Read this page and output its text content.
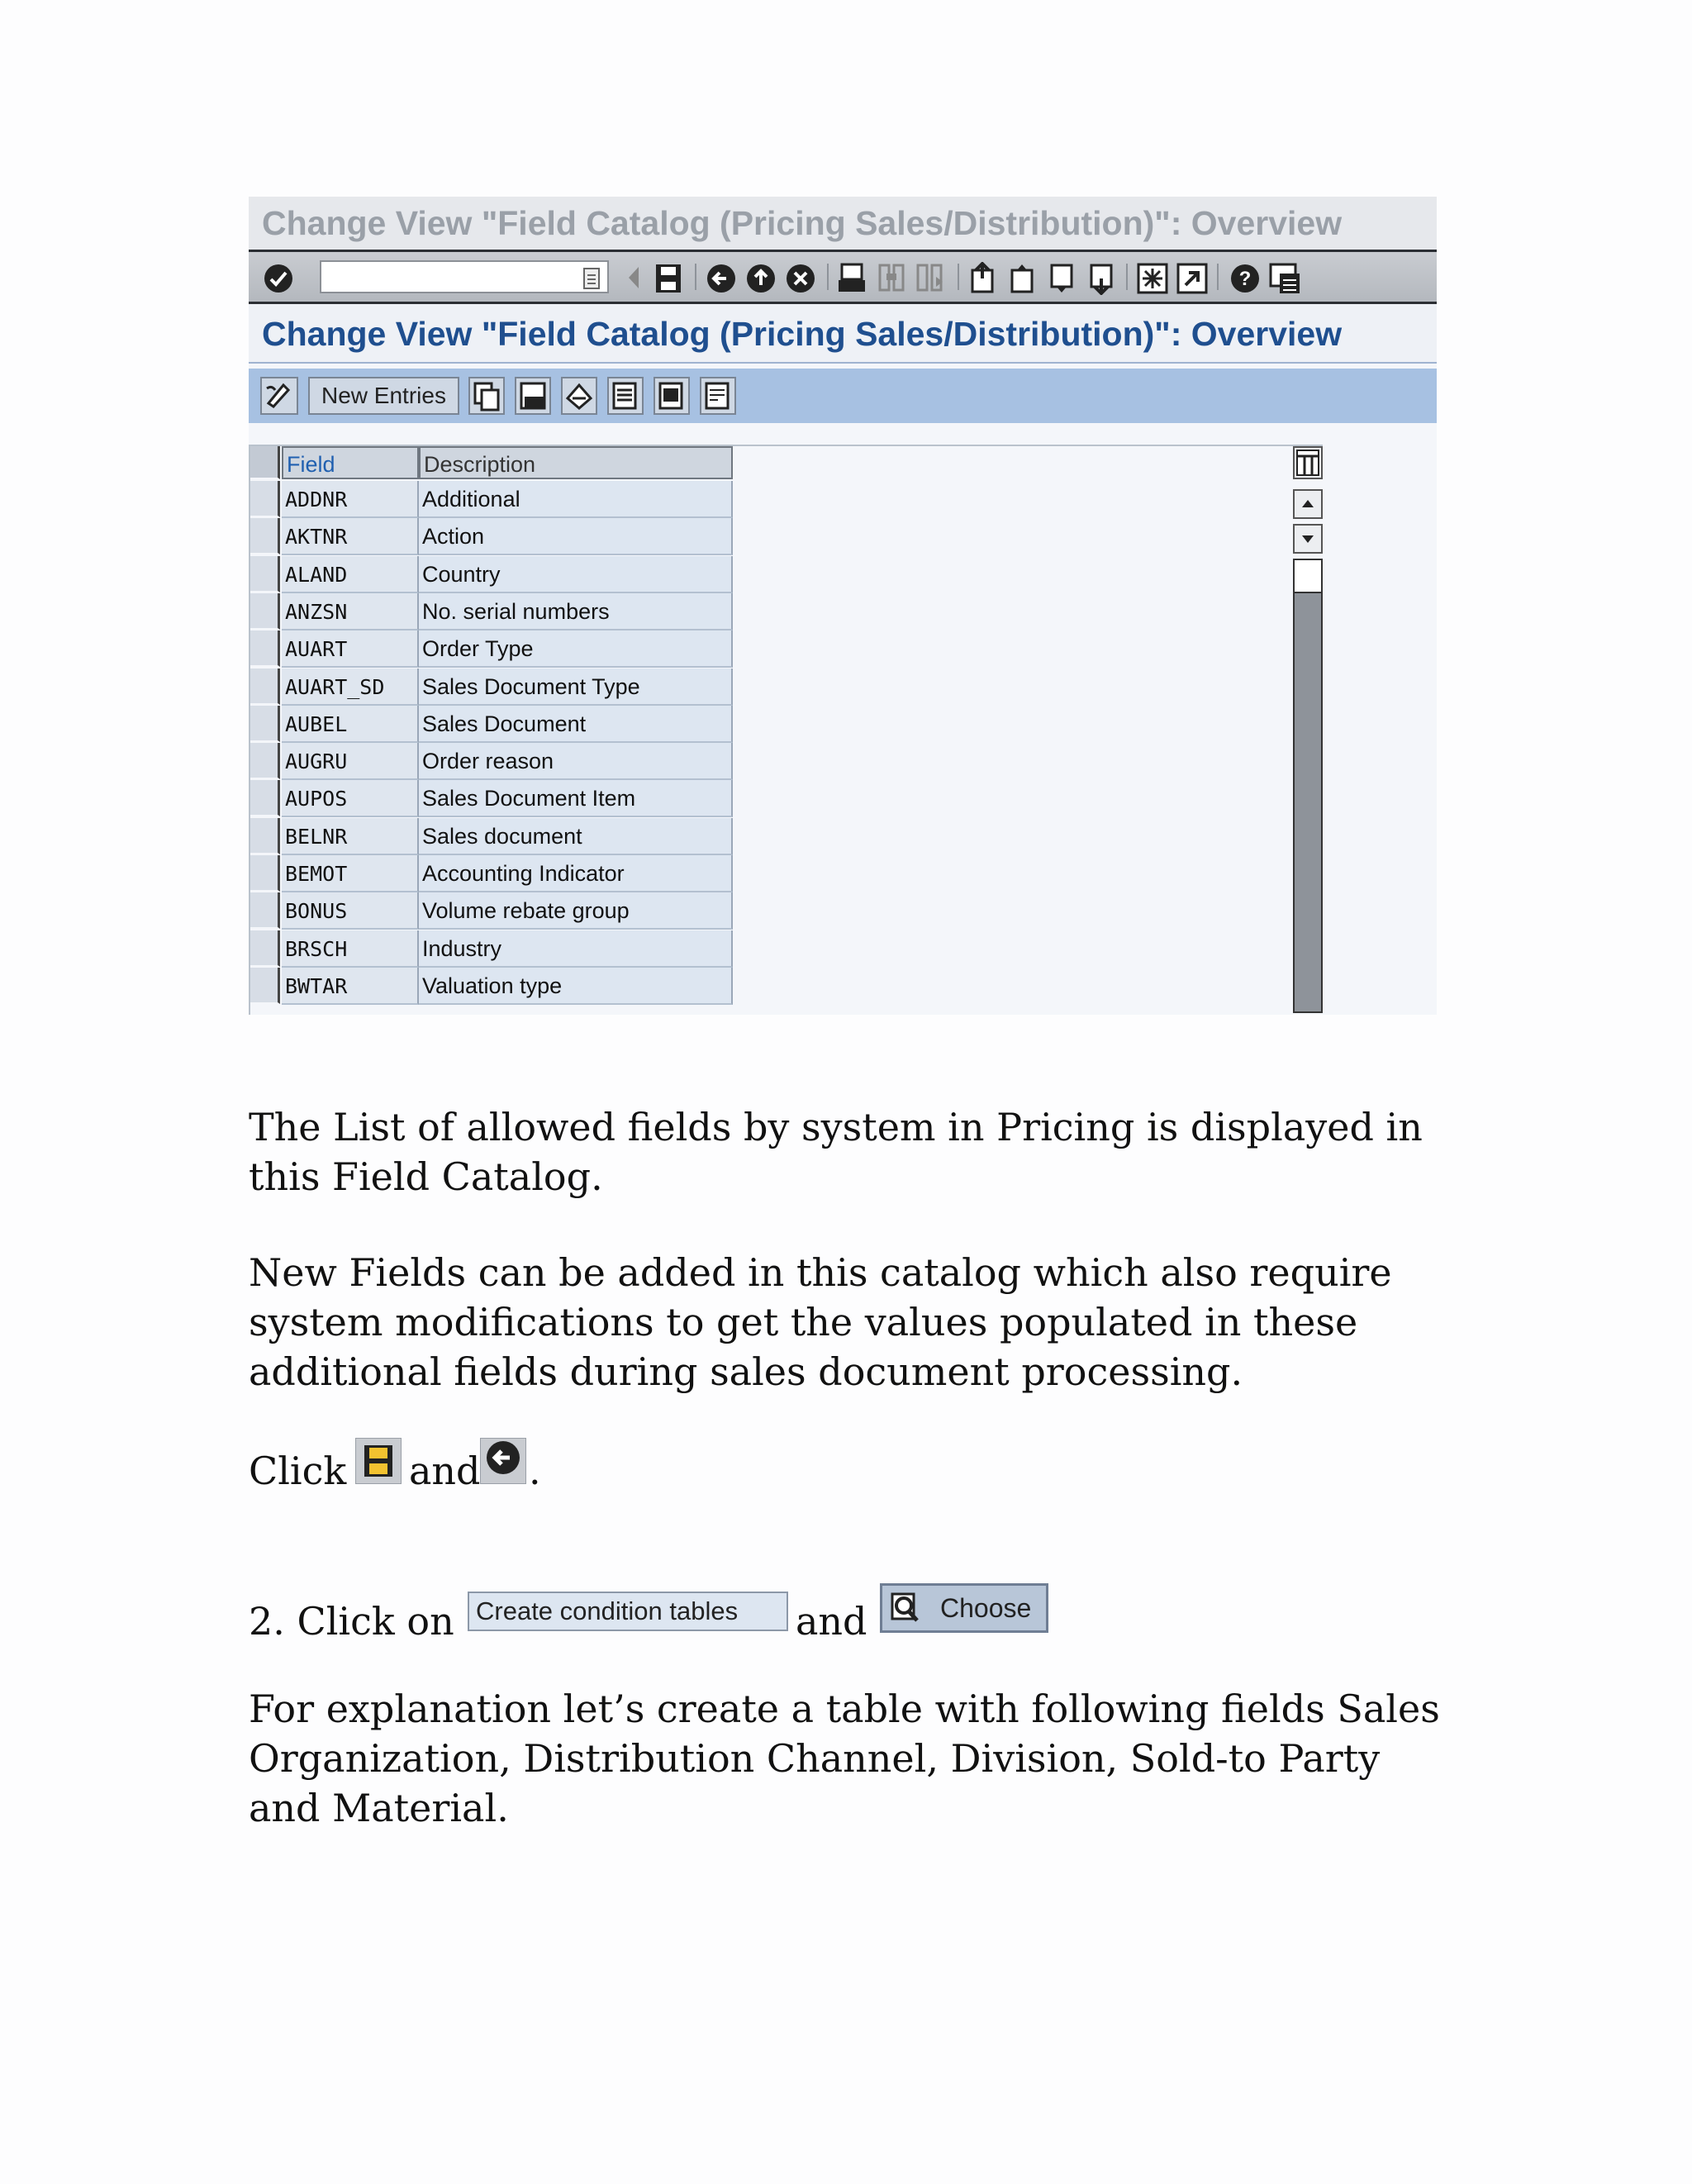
Change View "Field Catalog (Pricing Sales/Distribution)": Overview
?
Change View "Field Catalog (Pricing Sales/Distribution)": Overview
New Entries
Field	Description
ADDNR	Additional
AKTNR	Action
ALAND	Country
ANZSN	No. serial numbers
AUART	Order Type
AUART_SD	Sales Document Type
AUBEL	Sales Document
AUGRU	Order reason
AUPOS	Sales Document Item
BELNR	Sales document
BEMOT	Accounting Indicator
BONUS	Volume rebate group
BRSCH	Industry
BWTAR	Valuation type
The List of allowed fields by system in Pricing is displayed in
this Field Catalog.
New Fields can be added in this catalog which also require
system modifications to get the values populated in these
additional fields during sales document processing.
Click and .
2. Click on Create condition tables	and	Choose
For explanation let’s create a table with following fields Sales
Organization, Distribution Channel, Division, Sold-to Party
and Material.
